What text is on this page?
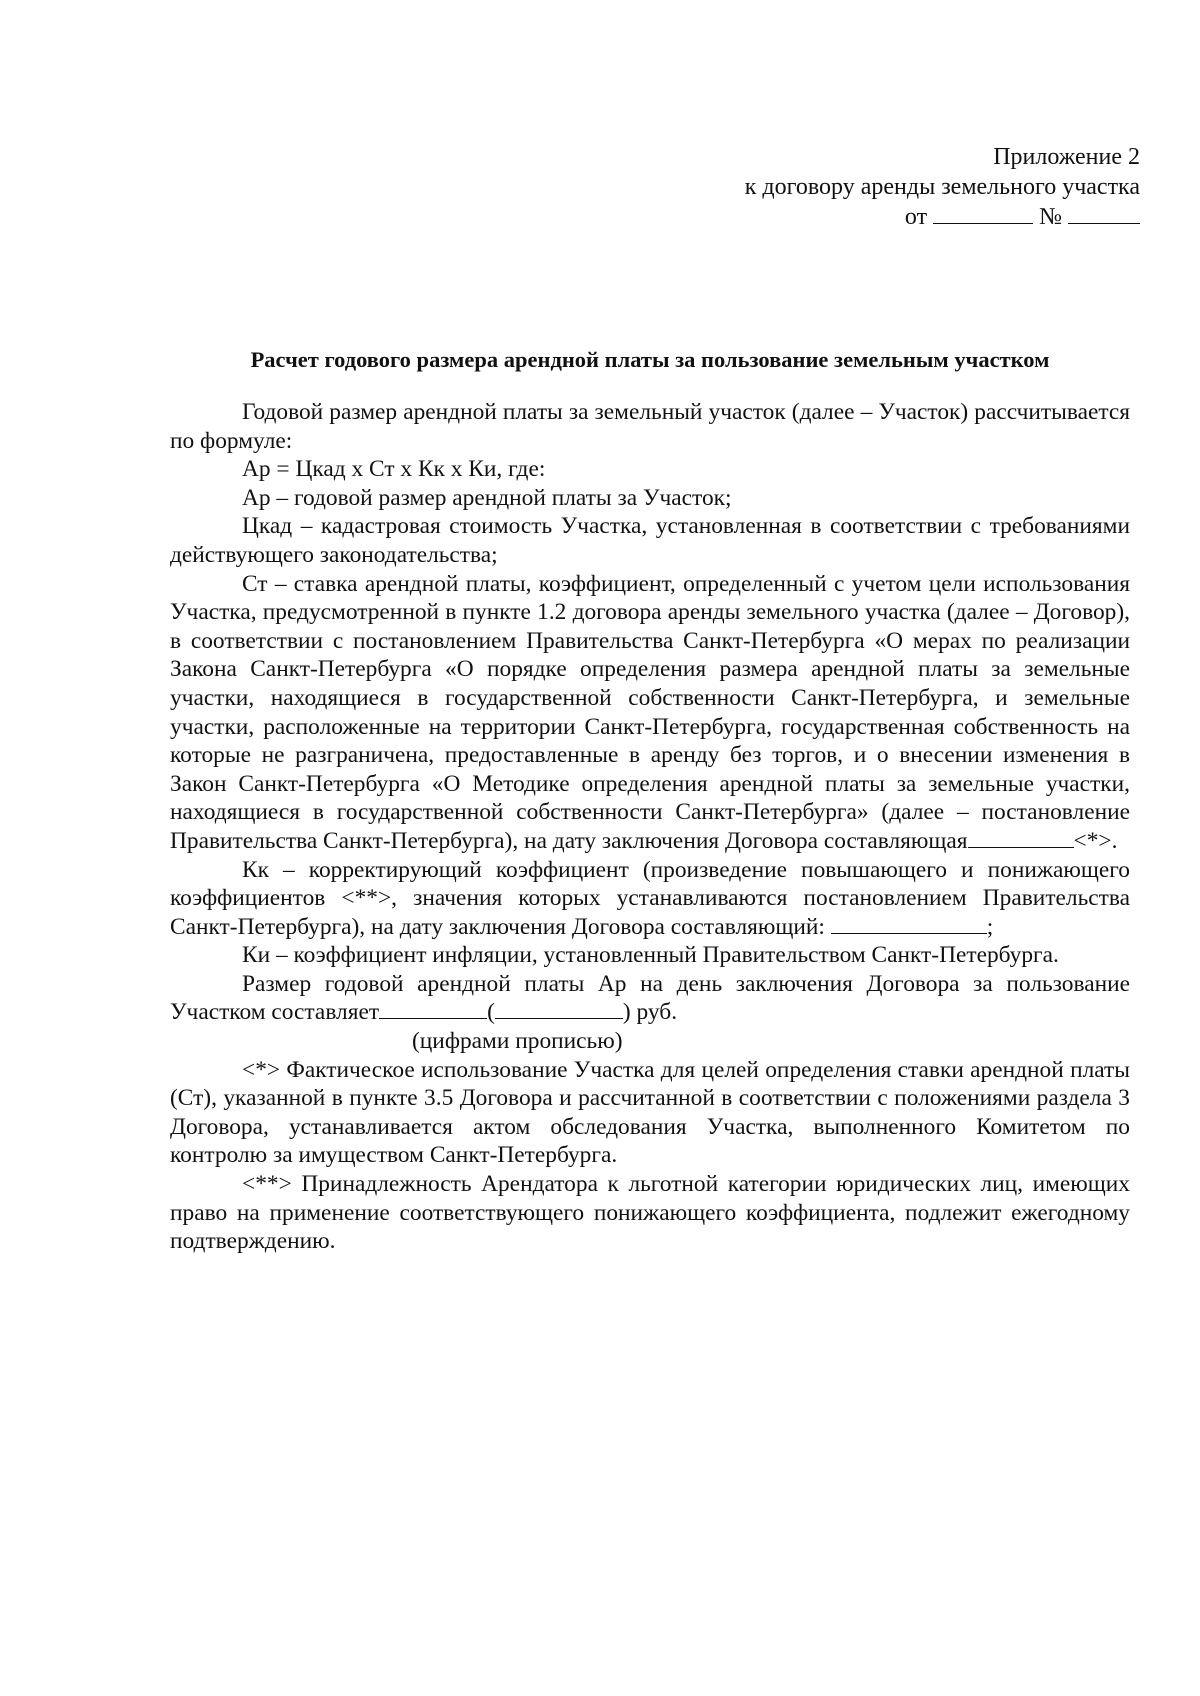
Приложение 2
к договору аренды земельного участка
от	№
Расчет годового размера арендной платы за пользование земельным участком

Годовой размер арендной платы за земельный участок (далее – Участок) рассчитывается по формуле:

Ар = Цкад х Ст х Кк х Ки, где:

Ар – годовой размер арендной платы за Участок;

Цкад – кадастровая стоимость Участка, установленная в соответствии с требованиями действующего законодательства;

Ст – ставка арендной платы, коэффициент, определенный с учетом цели использования Участка, предусмотренной в пункте 1.2 договора аренды земельного участка (далее – Договор), в соответствии с постановлением Правительства Санкт-Петербурга «О мерах по реализации Закона Санкт-Петербурга «О порядке определения размера арендной платы за земельные участки, находящиеся в государственной собственности Санкт-Петербурга, и земельные участки, расположенные на территории Санкт-Петербурга, государственная собственность на которые не разграничена, предоставленные в аренду без торгов, и о внесении изменения в Закон Санкт-Петербурга «О Методике определения арендной платы за земельные участки, находящиеся в государственной собственности Санкт-Петербурга» (далее – постановление Правительства Санкт-Петербурга), на дату заключения Договора составляющая	<*>.

Кк – корректирующий коэффициент (произведение повышающего и понижающего коэффициентов <**>, значения которых устанавливаются постановлением Правительства Санкт-Петербурга), на дату заключения Договора составляющий:	;

Ки – коэффициент инфляции, установленный Правительством Санкт-Петербурга.

Размер годовой арендной платы Ар на день заключения Договора за пользование Участком составляет	(	) руб.

(цифрами прописью)

<*> Фактическое использование Участка для целей определения ставки арендной платы (Ст), указанной в пункте 3.5 Договора и рассчитанной в соответствии с положениями раздела 3 Договора, устанавливается актом обследования Участка, выполненного Комитетом по контролю за имуществом Санкт-Петербурга.

<**> Принадлежность Арендатора к льготной категории юридических лиц, имеющих право на применение соответствующего понижающего коэффициента, подлежит ежегодному подтверждению.
